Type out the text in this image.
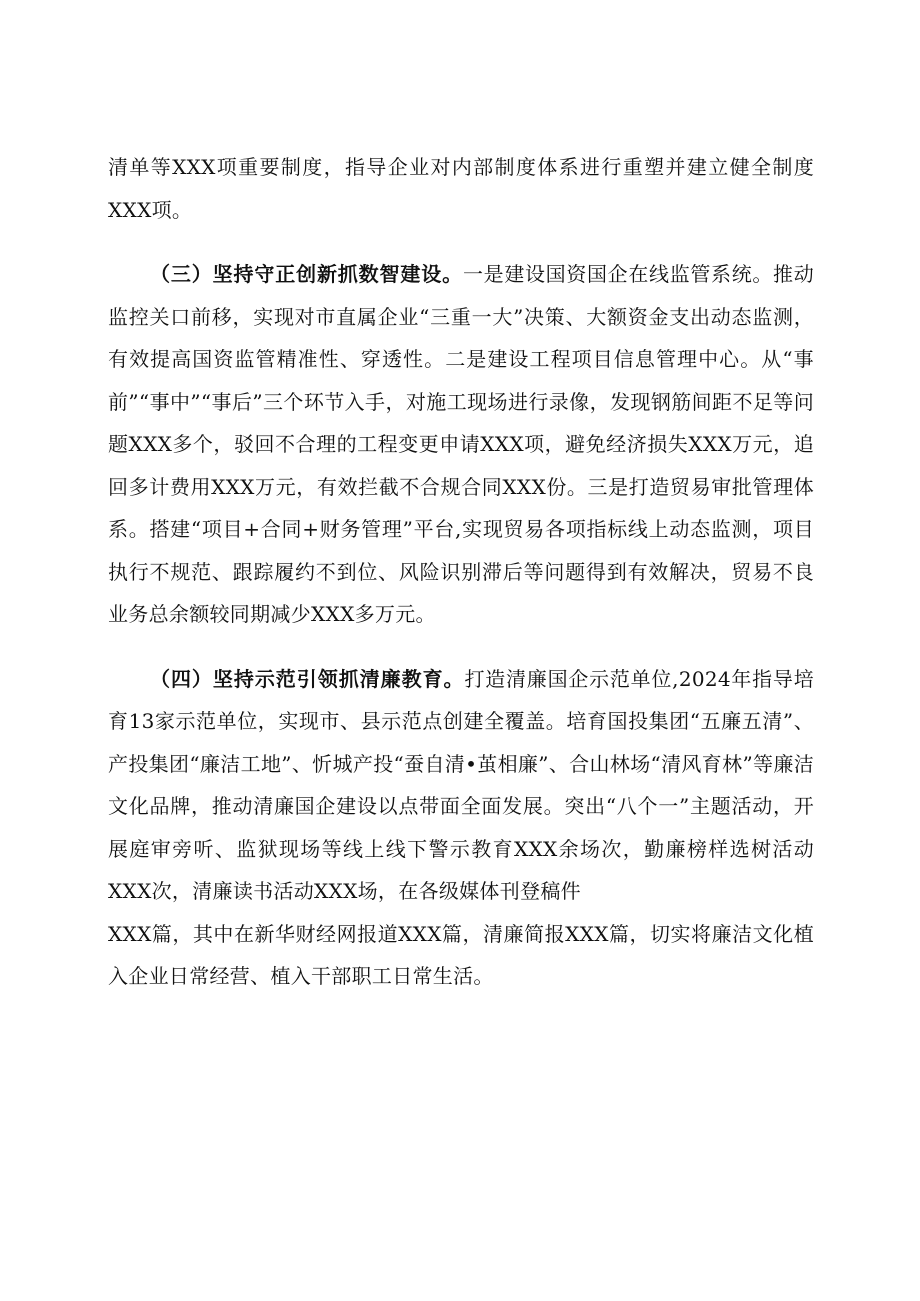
清单等XXX项重要制度，指导企业对内部制度体系进行重塑并建立健全制度XXX项。

（三）坚持守正创新抓数智建设。一是建设国资国企在线监管系统。推动监控关口前移，实现对市直属企业“三重一大”决策、大额资金支出动态监测，有效提高国资监管精准性、穿透性。二是建设工程项目信息管理中心。从“事前”“事中”“事后”三个环节入手，对施工现场进行录像，发现钢筋间距不足等问题XXX多个，驳回不合理的工程变更申请XXX项，避免经济损失XXX万元，追回多计费用XXX万元，有效拦截不合规合同XXX份。三是打造贸易审批管理体系。搭建“项目+合同+财务管理”平台,实现贸易各项指标线上动态监测，项目执行不规范、跟踪履约不到位、风险识别滞后等问题得到有效解决，贸易不良业务总余额较同期减少XXX多万元。

（四）坚持示范引领抓清廉教育。打造清廉国企示范单位,2024年指导培育13家示范单位，实现市、县示范点创建全覆盖。培育国投集团“五廉五清”、产投集团“廉洁工地”、忻城产投“蚕自清•茧相廉”、合山林场“清风育林”等廉洁文化品牌，推动清廉国企建设以点带面全面发展。突出“八个一”主题活动，开展庭审旁听、监狱现场等线上线下警示教育XXX余场次，勤廉榜样选树活动XXX次，清廉读书活动XXX场，在各级媒体刊登稿件

XXX篇，其中在新华财经网报道XXX篇，清廉简报XXX篇，切实将廉洁文化植入企业日常经营、植入干部职工日常生活。
